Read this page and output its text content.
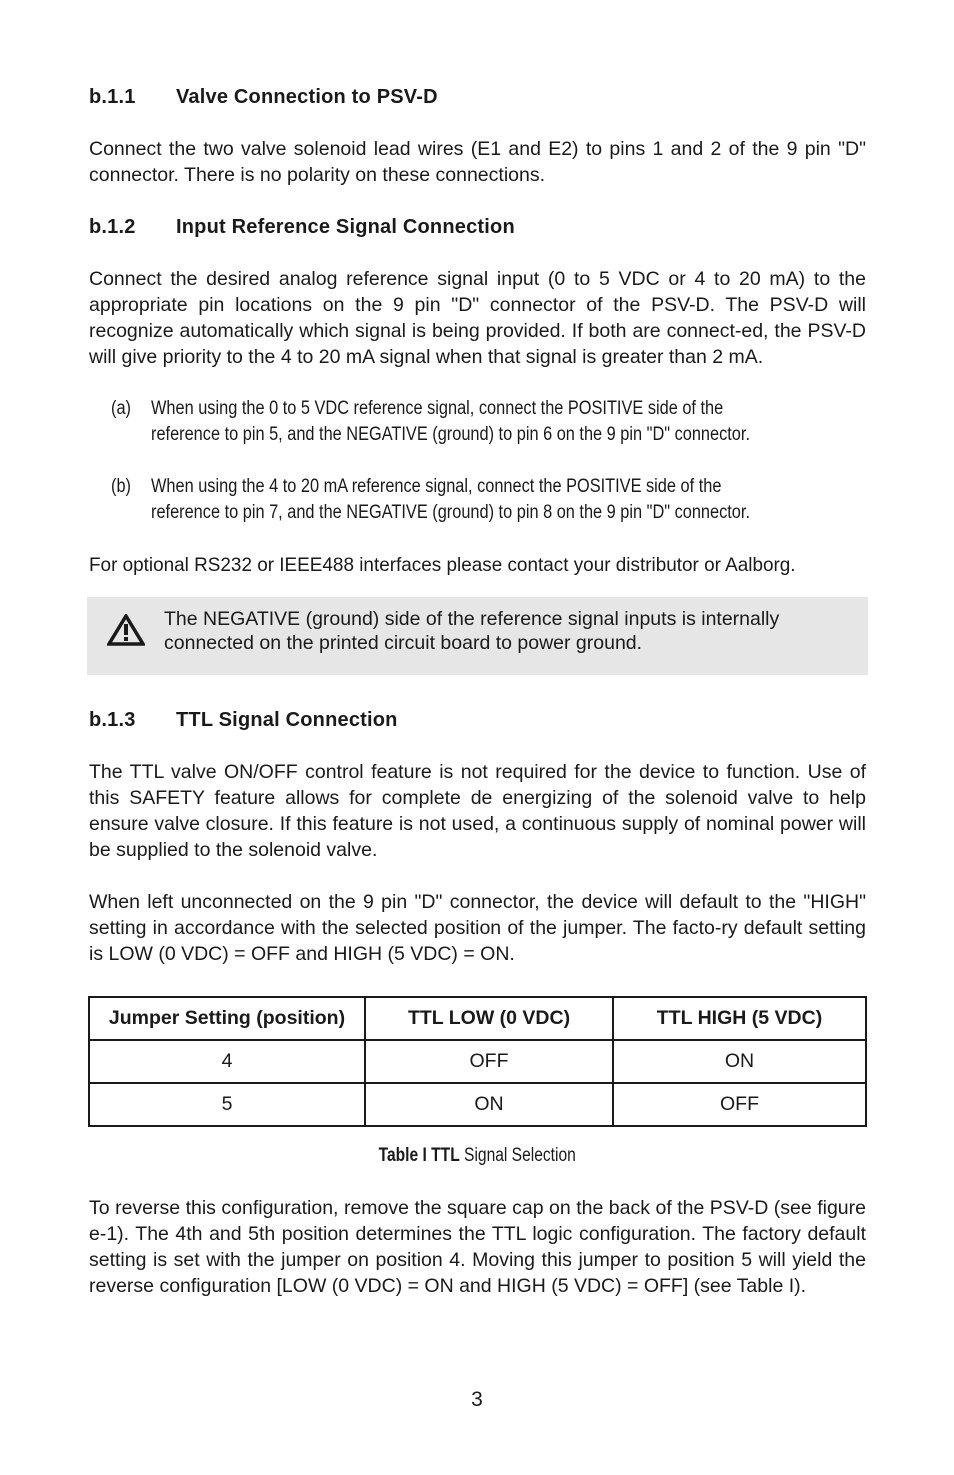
b.1.1 Valve Connection to PSV-D

Connect the two valve solenoid lead wires (E1 and E2) to pins 1 and 2 of the 9 pin "D" connector. There is no polarity on these connections.

b.1.2 Input Reference Signal Connection

Connect the desired analog reference signal input (0 to 5 VDC or 4 to 20 mA) to the appropriate pin locations on the 9 pin "D" connector of the PSV-D. The PSV-D will recognize automatically which signal is being provided. If both are connect-ed, the PSV-D will give priority to the 4 to 20 mA signal when that signal is greater than 2 mA.

(a) When using the 0 to 5 VDC reference signal, connect the POSITIVE side of the
reference to pin 5, and the NEGATIVE (ground) to pin 6 on the 9 pin "D" connector.
(b) When using the 4 to 20 mA reference signal, connect the POSITIVE side of the
reference to pin 7, and the NEGATIVE (ground) to pin 8 on the 9 pin "D" connector.

For optional RS232 or IEEE488 interfaces please contact your distributor or Aalborg.

The NEGATIVE (ground) side of the reference signal inputs is internally connected on the printed circuit board to power ground.
b.1.3 TTL Signal Connection

The TTL valve ON/OFF control feature is not required for the device to function. Use of this SAFETY feature allows for complete de energizing of the solenoid valve to help ensure valve closure. If this feature is not used, a continuous supply of nominal power will be supplied to the solenoid valve.

When left unconnected on the 9 pin "D" connector, the device will default to the "HIGH" setting in accordance with the selected position of the jumper. The facto-ry default setting is LOW (0 VDC) = OFF and HIGH (5 VDC) = ON.

Jumper Setting (position)	TTL LOW (0 VDC)	TTL HIGH (5 VDC)
4	OFF	ON
5	ON	OFF
Table I TTL Signal Selection

To reverse this configuration, remove the square cap on the back of the PSV-D (see figure e-1). The 4th and 5th position determines the TTL logic configuration. The factory default setting is set with the jumper on position 4. Moving this jumper to position 5 will yield the reverse configuration [LOW (0 VDC) = ON and HIGH (5 VDC) = OFF] (see Table I).

3
